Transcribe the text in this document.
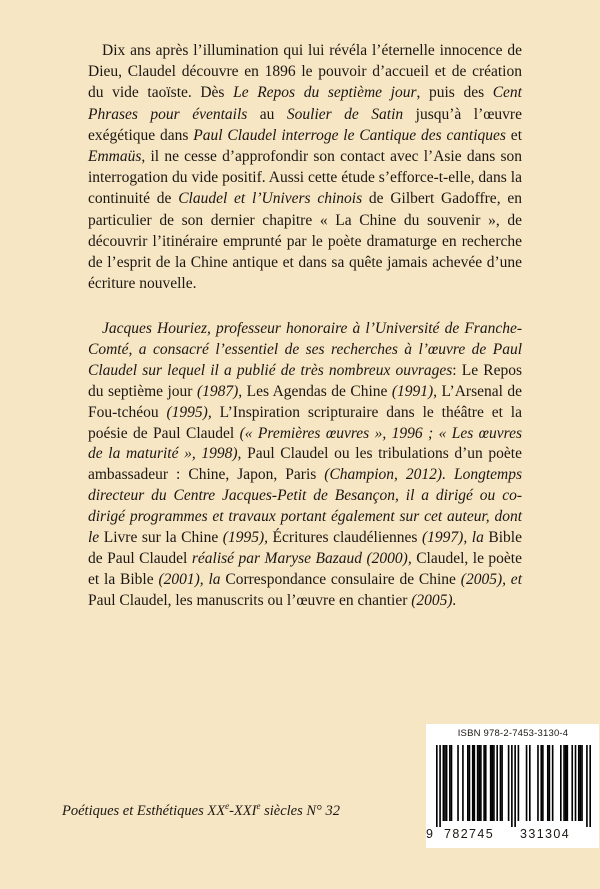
Dix ans après l’illumination qui lui révéla l’éternelle innocence de Dieu, Claudel découvre en 1896 le pouvoir d’accueil et de création du vide taoïste. Dès Le Repos du septième jour, puis des Cent Phrases pour éventails au Soulier de Satin jusqu’à l’œuvre exégétique dans Paul Claudel interroge le Cantique des cantiques et Emmaüs, il ne cesse d’approfondir son contact avec l’Asie dans son interrogation du vide positif. Aussi cette étude s’efforce-t-elle, dans la continuité de Claudel et l’Univers chinois de Gilbert Gadoffre, en particulier de son dernier chapitre « La Chine du souvenir », de découvrir l’itinéraire emprunté par le poète dramaturge en recherche de l’esprit de la Chine antique et dans sa quête jamais achevée d’une écriture nouvelle.

Jacques Houriez, professeur honoraire à l’Université de Franche-Comté, a consacré l’essentiel de ses recherches à l’œuvre de Paul Claudel sur lequel il a publié de très nombreux ouvrages: Le Repos du septième jour (1987), Les Agendas de Chine (1991), L’Arsenal de Fou-tchéou (1995), L’Inspiration scripturaire dans le théâtre et la poésie de Paul Claudel (« Premières œuvres », 1996 ; « Les œuvres de la maturité », 1998), Paul Claudel ou les tribulations d’un poète ambassadeur : Chine, Japon, Paris (Champion, 2012). Longtemps directeur du Centre Jacques-Petit de Besançon, il a dirigé ou co-dirigé programmes et travaux portant également sur cet auteur, dont le Livre sur la Chine (1995), Écritures claudéliennes (1997), la Bible de Paul Claudel réalisé par Maryse Bazaud (2000), Claudel, le poète et la Bible (2001), la Correspondance consulaire de Chine (2005), et Paul Claudel, les manuscrits ou l’œuvre en chantier (2005).

ISBN 978-2-7453-3130-4
9 782745 331304
Poétiques et Esthétiques XXe-XXIe siècles N° 32
